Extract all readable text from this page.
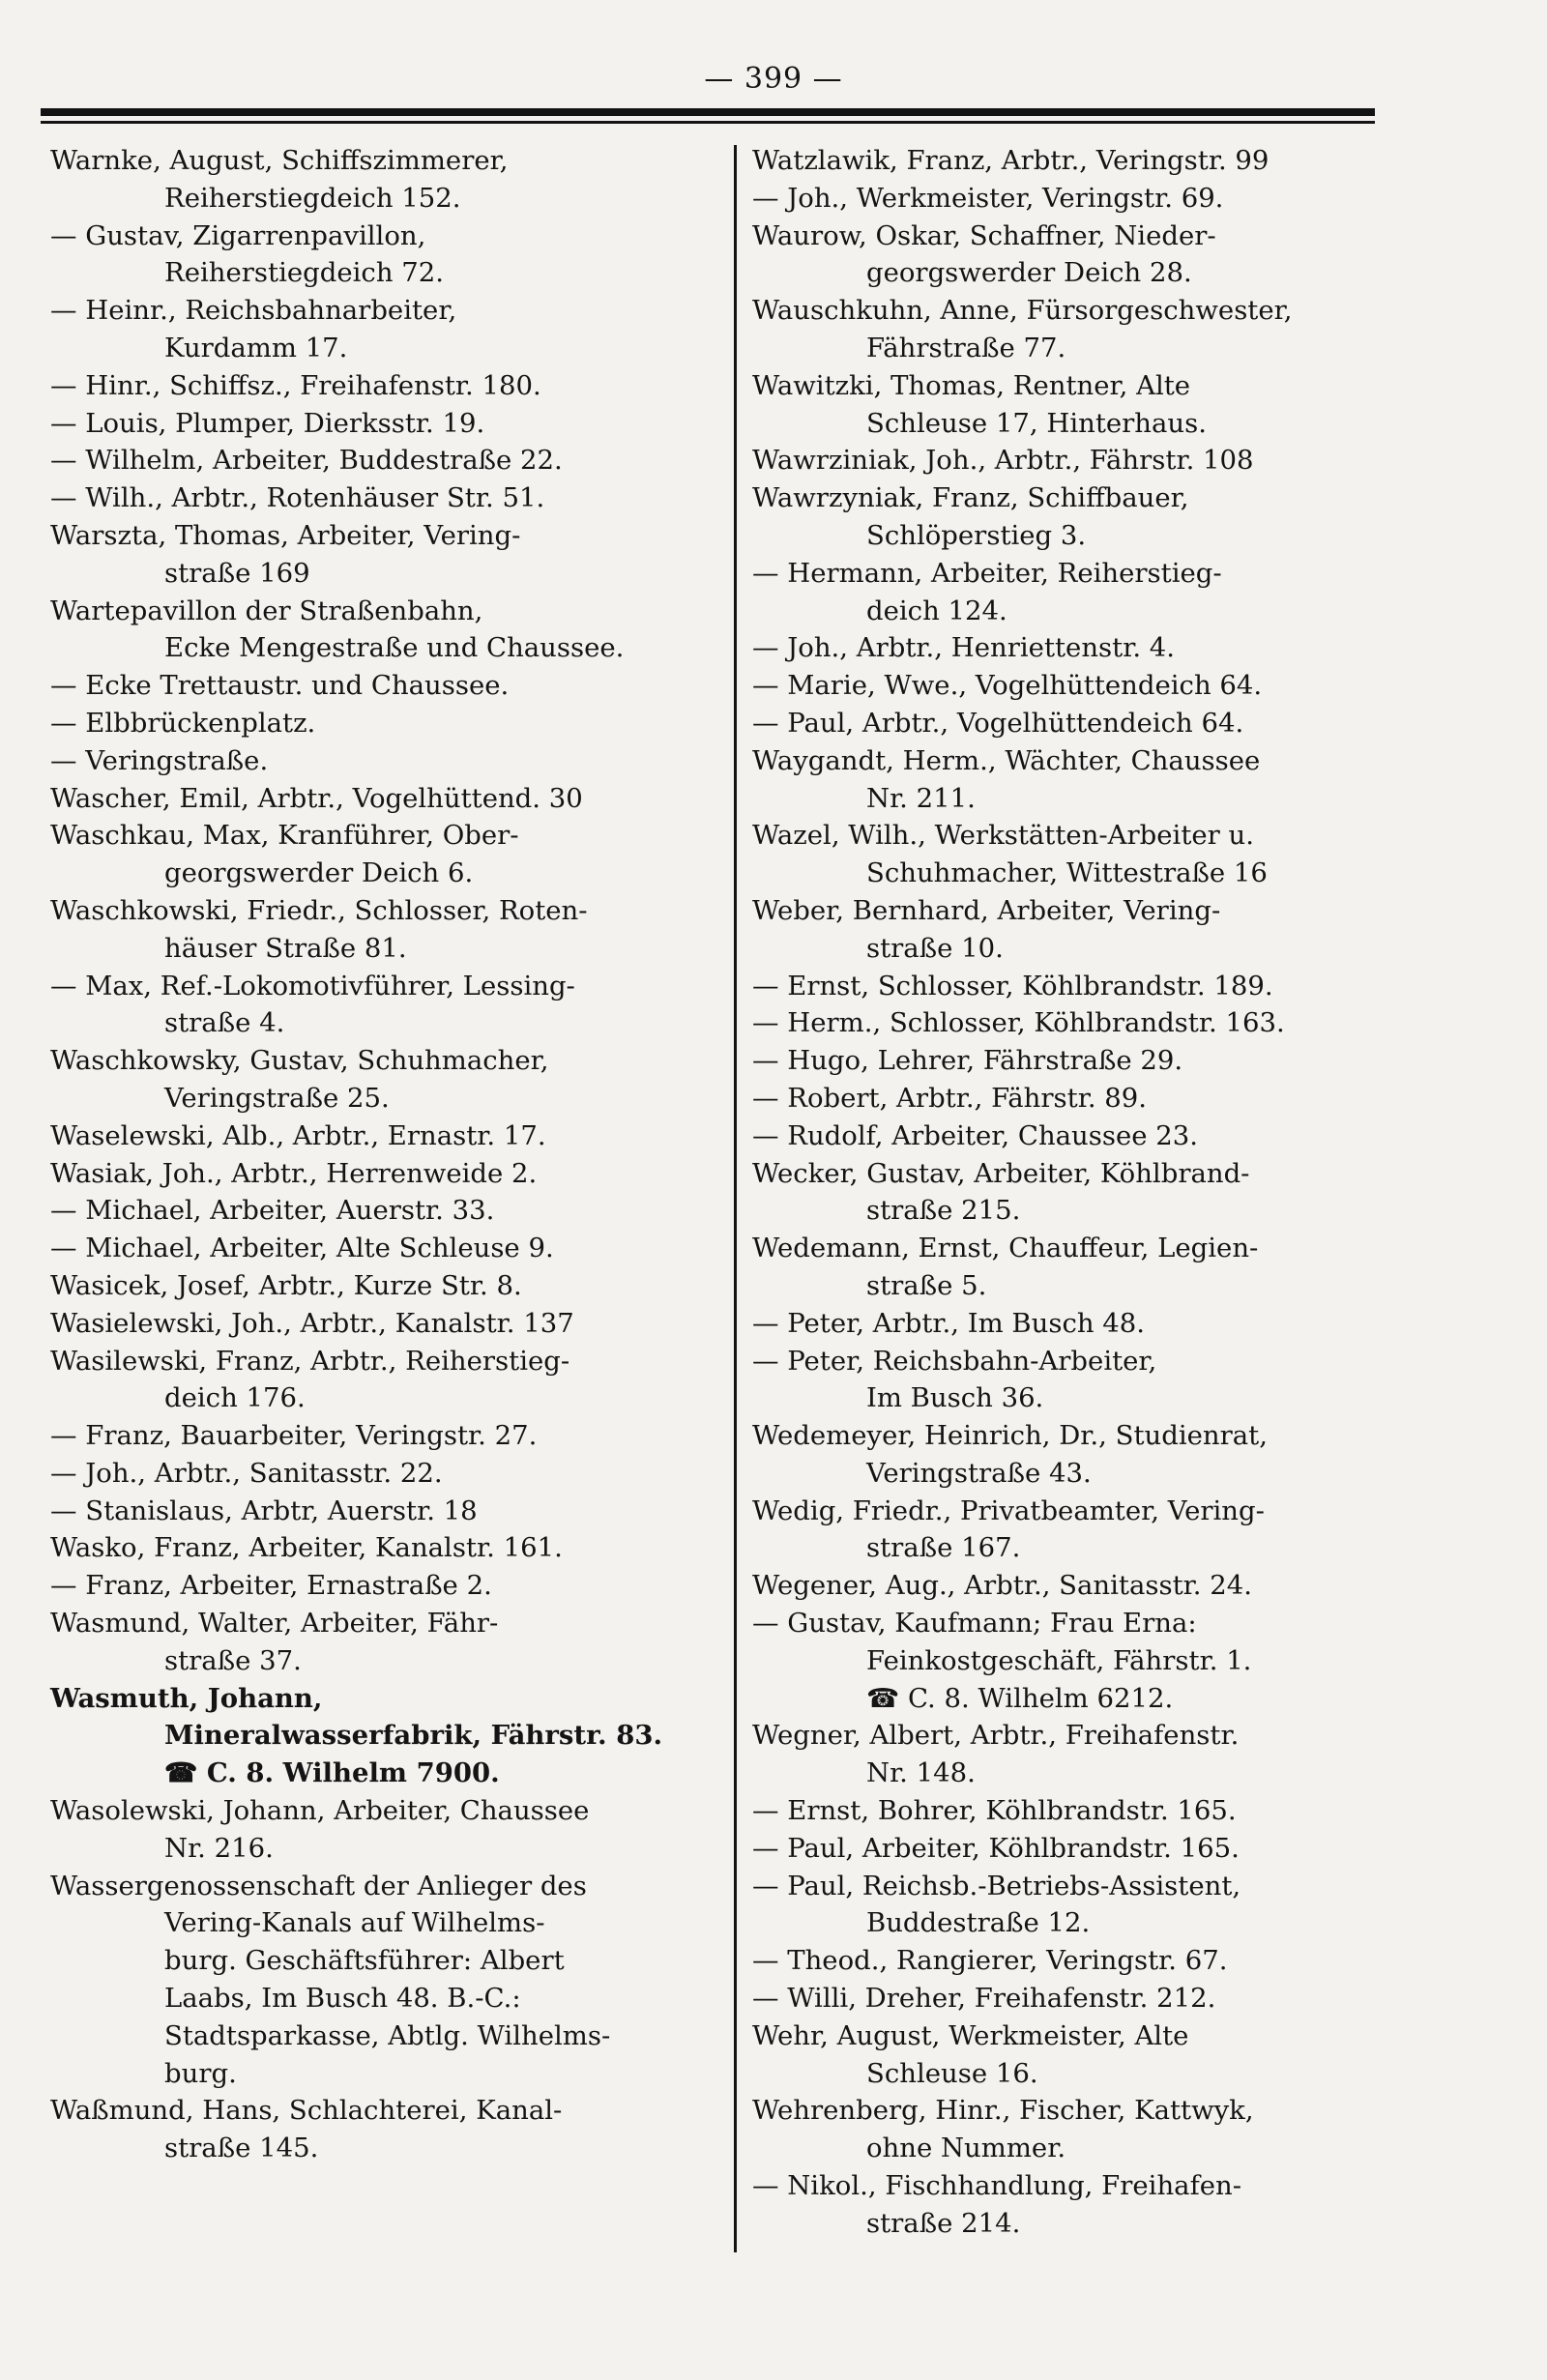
— 399 —
Warnke, August, Schiffszimmerer,
Reiherstiegdeich 152.
— Gustav, Zigarrenpavillon,
Reiherstiegdeich 72.
— Heinr., Reichsbahnarbeiter,
Kurdamm 17.
— Hinr., Schiffsz., Freihafenstr. 180.
— Louis, Plumper, Dierksstr. 19.
— Wilhelm, Arbeiter, Buddestraße 22.
— Wilh., Arbtr., Rotenhäuser Str. 51.
Warszta, Thomas, Arbeiter, Vering-
straße 169
Wartepavillon der Straßenbahn,
Ecke Mengestraße und Chaussee.
— Ecke Trettaustr. und Chaussee.
— Elbbrückenplatz.
— Veringstraße.
Wascher, Emil, Arbtr., Vogelhüttend. 30
Waschkau, Max, Kranführer, Ober-
georgswerder Deich 6.
Waschkowski, Friedr., Schlosser, Roten-
häuser Straße 81.
— Max, Ref.-Lokomotivführer, Lessing-
straße 4.
Waschkowsky, Gustav, Schuhmacher,
Veringstraße 25.
Waselewski, Alb., Arbtr., Ernastr. 17.
Wasiak, Joh., Arbtr., Herrenweide 2.
— Michael, Arbeiter, Auerstr. 33.
— Michael, Arbeiter, Alte Schleuse 9.
Wasicek, Josef, Arbtr., Kurze Str. 8.
Wasielewski, Joh., Arbtr., Kanalstr. 137
Wasilewski, Franz, Arbtr., Reiherstieg-
deich 176.
— Franz, Bauarbeiter, Veringstr. 27.
— Joh., Arbtr., Sanitasstr. 22.
— Stanislaus, Arbtr, Auerstr. 18
Wasko, Franz, Arbeiter, Kanalstr. 161.
— Franz, Arbeiter, Ernastraße 2.
Wasmund, Walter, Arbeiter, Fähr-
straße 37.
Wasmuth, Johann,
Mineralwasserfabrik, Fährstr. 83.
☎ C. 8. Wilhelm 7900.
Wasolewski, Johann, Arbeiter, Chaussee
Nr. 216.
Wassergenossenschaft der Anlieger des
Vering-Kanals auf Wilhelms-
burg. Geschäftsführer: Albert
Laabs, Im Busch 48. B.-C.:
Stadtsparkasse, Abtlg. Wilhelms-
burg.
Waßmund, Hans, Schlachterei, Kanal-
straße 145.
Watzlawik, Franz, Arbtr., Veringstr. 99
— Joh., Werkmeister, Veringstr. 69.
Waurow, Oskar, Schaffner, Nieder-
georgswerder Deich 28.
Wauschkuhn, Anne, Fürsorgeschwester,
Fährstraße 77.
Wawitzki, Thomas, Rentner, Alte
Schleuse 17, Hinterhaus.
Wawrziniak, Joh., Arbtr., Fährstr. 108
Wawrzyniak, Franz, Schiffbauer,
Schlöperstieg 3.
— Hermann, Arbeiter, Reiherstieg-
deich 124.
— Joh., Arbtr., Henriettenstr. 4.
— Marie, Wwe., Vogelhüttendeich 64.
— Paul, Arbtr., Vogelhüttendeich 64.
Waygandt, Herm., Wächter, Chaussee
Nr. 211.
Wazel, Wilh., Werkstätten-Arbeiter u.
Schuhmacher, Wittestraße 16
Weber, Bernhard, Arbeiter, Vering-
straße 10.
— Ernst, Schlosser, Köhlbrandstr. 189.
— Herm., Schlosser, Köhlbrandstr. 163.
— Hugo, Lehrer, Fährstraße 29.
— Robert, Arbtr., Fährstr. 89.
— Rudolf, Arbeiter, Chaussee 23.
Wecker, Gustav, Arbeiter, Köhlbrand-
straße 215.
Wedemann, Ernst, Chauffeur, Legien-
straße 5.
— Peter, Arbtr., Im Busch 48.
— Peter, Reichsbahn-Arbeiter,
Im Busch 36.
Wedemeyer, Heinrich, Dr., Studienrat,
Veringstraße 43.
Wedig, Friedr., Privatbeamter, Vering-
straße 167.
Wegener, Aug., Arbtr., Sanitasstr. 24.
— Gustav, Kaufmann; Frau Erna:
Feinkostgeschäft, Fährstr. 1.
☎ C. 8. Wilhelm 6212.
Wegner, Albert, Arbtr., Freihafenstr.
Nr. 148.
— Ernst, Bohrer, Köhlbrandstr. 165.
— Paul, Arbeiter, Köhlbrandstr. 165.
— Paul, Reichsb.-Betriebs-Assistent,
Buddestraße 12.
— Theod., Rangierer, Veringstr. 67.
— Willi, Dreher, Freihafenstr. 212.
Wehr, August, Werkmeister, Alte
Schleuse 16.
Wehrenberg, Hinr., Fischer, Kattwyk,
ohne Nummer.
— Nikol., Fischhandlung, Freihafen-
straße 214.
